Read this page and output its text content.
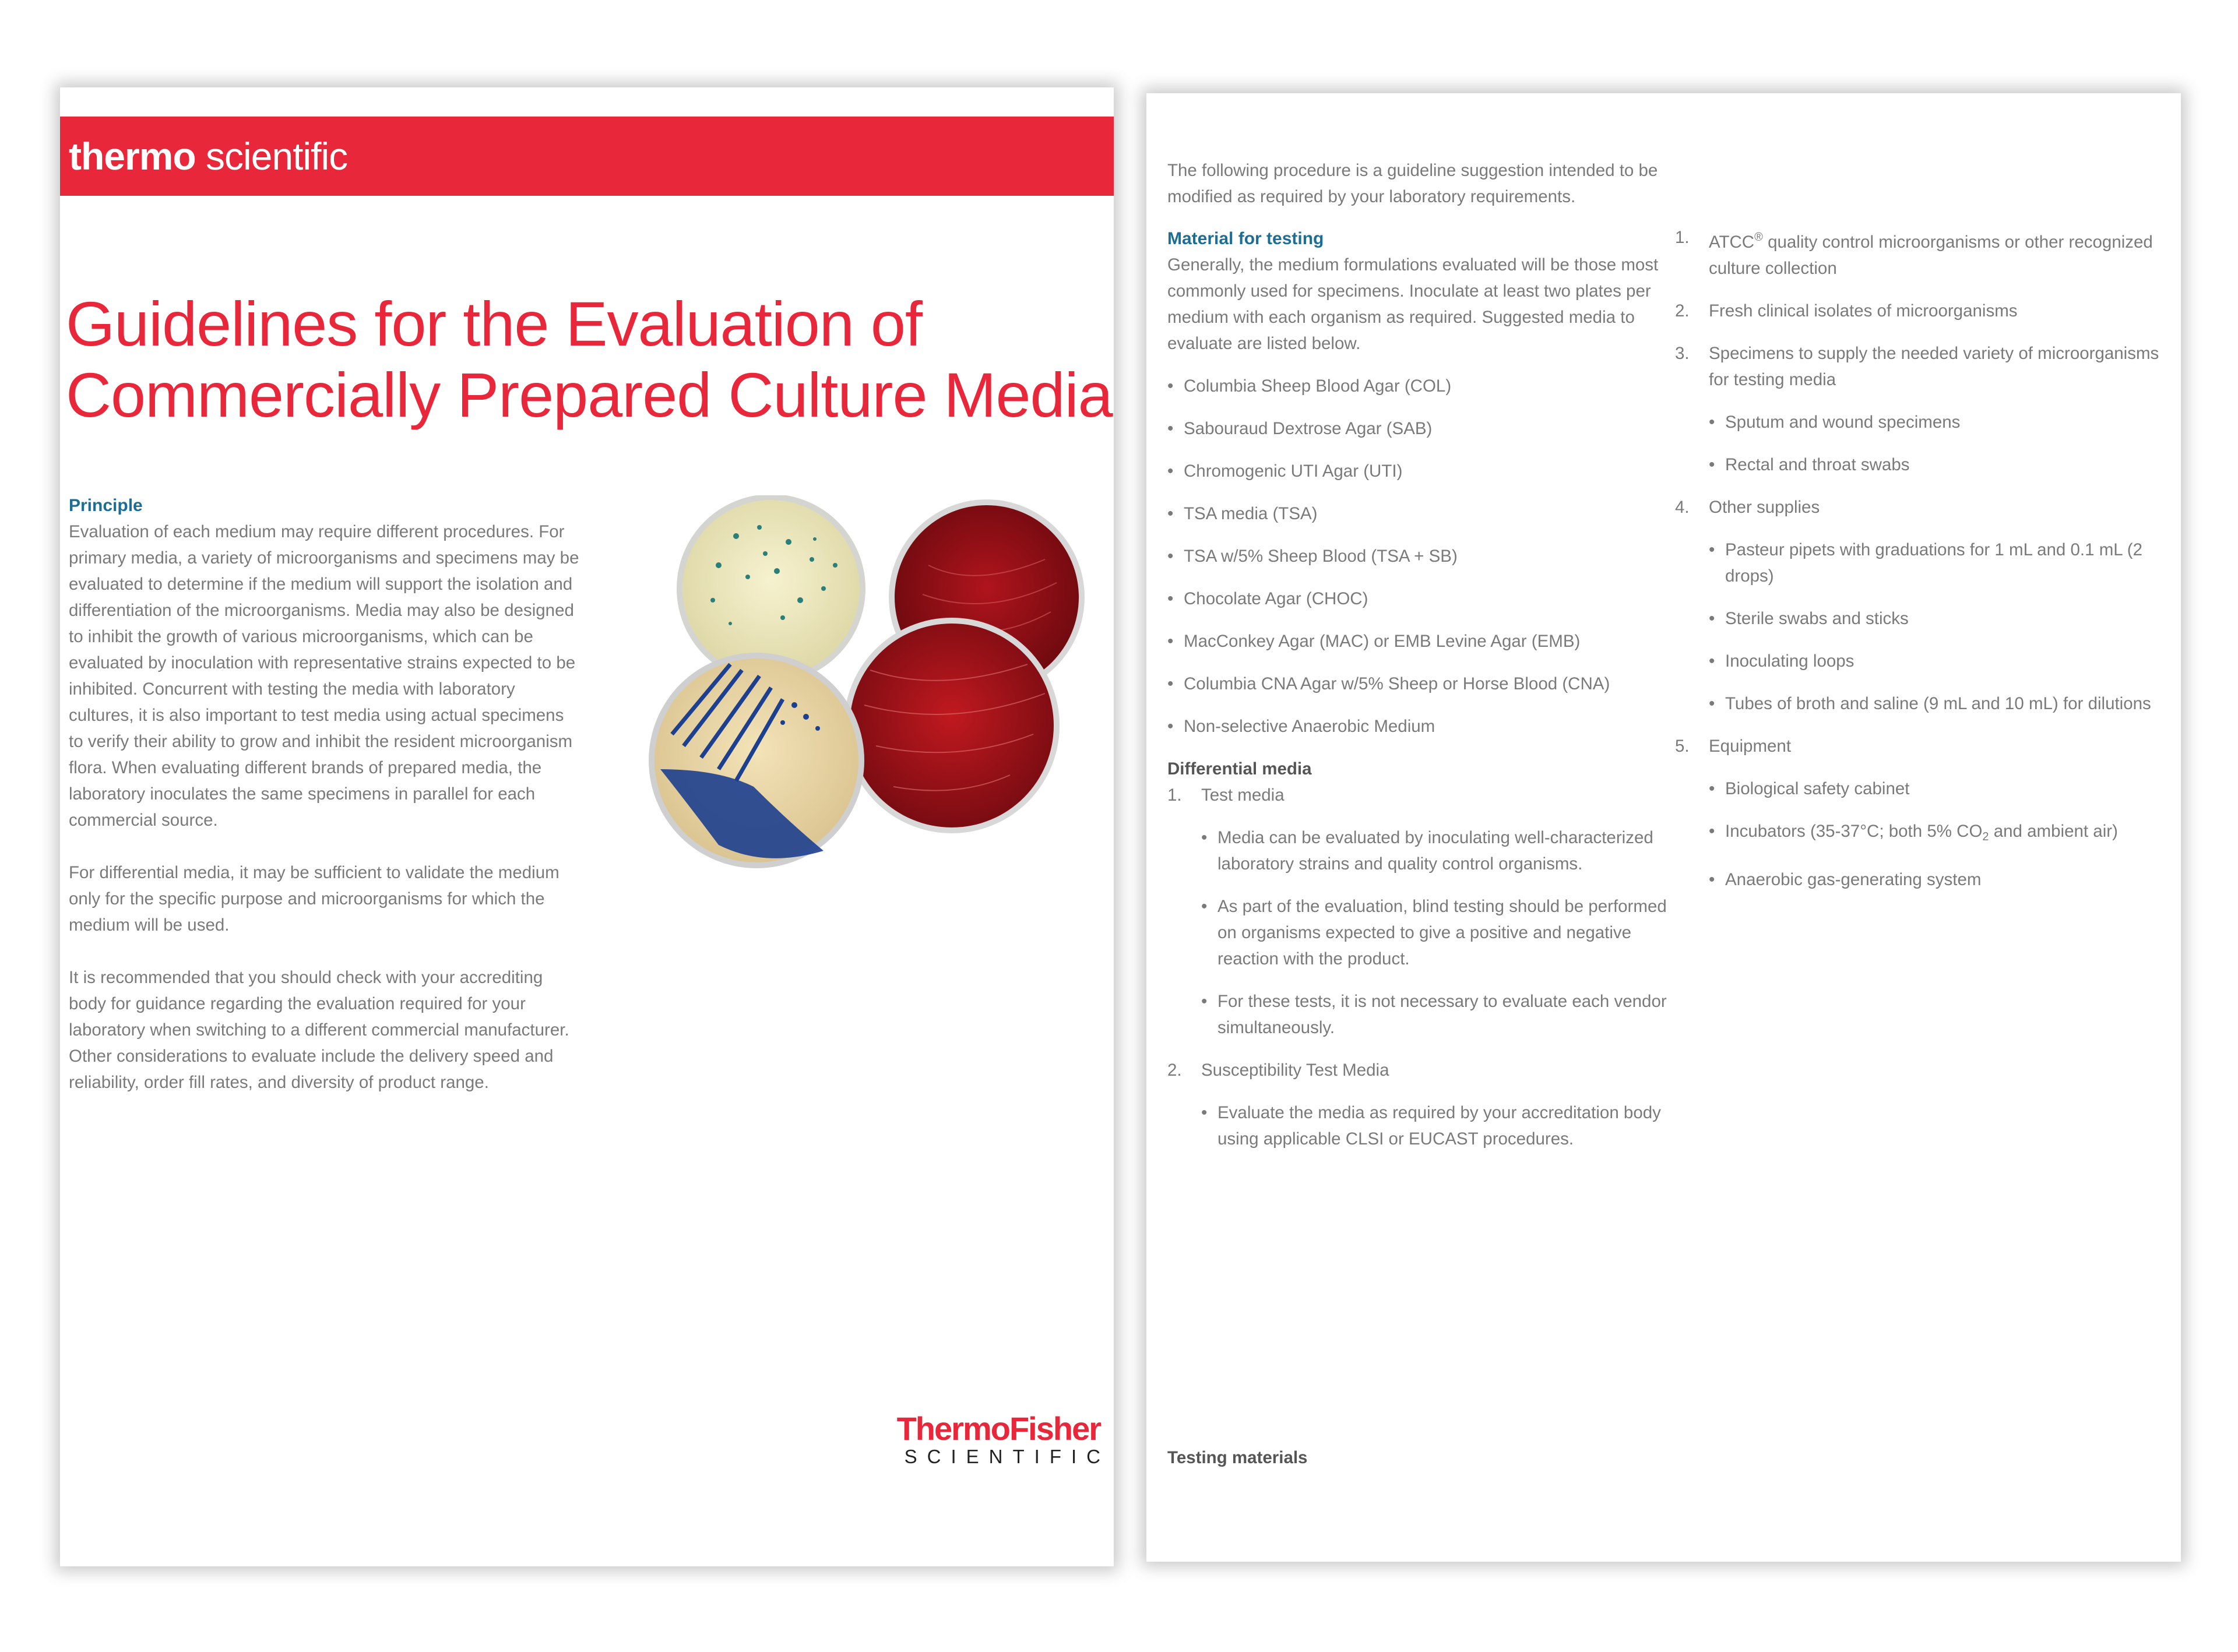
thermo scientific
Guidelines for the Evaluation of
Commercially Prepared Culture Media
Principle

Evaluation of each medium may require different procedures. For primary media, a variety of microorganisms and specimens may be evaluated to determine if the medium will support the isolation and differentiation of the microorganisms. Media may also be designed to inhibit the growth of various microorganisms, which can be evaluated by inoculation with representative strains expected to be inhibited. Concurrent with testing the media with laboratory cultures, it is also important to test media using actual specimens to verify their ability to grow and inhibit the resident microorganism flora. When evaluating different brands of prepared media, the laboratory inoculates the same specimens in parallel for each commercial source.

For differential media, it may be sufficient to validate the medium only for the specific purpose and microorganisms for which the medium will be used.

It is recommended that you should check with your accrediting body for guidance regarding the evaluation required for your laboratory when switching to a different commercial manufacturer. Other considerations to evaluate include the delivery speed and reliability, order fill rates, and diversity of product range.

ThermoFisher
SCIENTIFIC
The following procedure is a guideline suggestion intended to be modified as required by your laboratory requirements.
Material for testing
Generally, the medium formulations evaluated will be those most commonly used for specimens. Inoculate at least two plates per medium with each organism as required. Suggested media to evaluate are listed below.
• Columbia Sheep Blood Agar (COL)
• Sabouraud Dextrose Agar (SAB)
• Chromogenic UTI Agar (UTI)
• TSA media (TSA)
• TSA w/5% Sheep Blood (TSA + SB)
• Chocolate Agar (CHOC)
• MacConkey Agar (MAC) or EMB Levine Agar (EMB)
• Columbia CNA Agar w/5% Sheep or Horse Blood (CNA)
• Non-selective Anaerobic Medium
Differential media
1. Test media
• Media can be evaluated by inoculating well-characterized laboratory strains and quality control organisms.
• As part of the evaluation, blind testing should be performed on organisms expected to give a positive and negative reaction with the product.
• For these tests, it is not necessary to evaluate each vendor simultaneously.
2. Susceptibility Test Media
• Evaluate the media as required by your accreditation body using applicable CLSI or EUCAST procedures.
1. ATCC® quality control microorganisms or other recognized culture collection
2. Fresh clinical isolates of microorganisms
3. Specimens to supply the needed variety of microorganisms for testing media
• Sputum and wound specimens
• Rectal and throat swabs
4. Other supplies
• Pasteur pipets with graduations for 1 mL and 0.1 mL (2 drops)
• Sterile swabs and sticks
• Inoculating loops
• Tubes of broth and saline (9 mL and 10 mL) for dilutions
5. Equipment
• Biological safety cabinet
• Incubators (35-37°C; both 5% $CO_2$ and ambient air)
• Anaerobic gas-generating system
Testing materials
